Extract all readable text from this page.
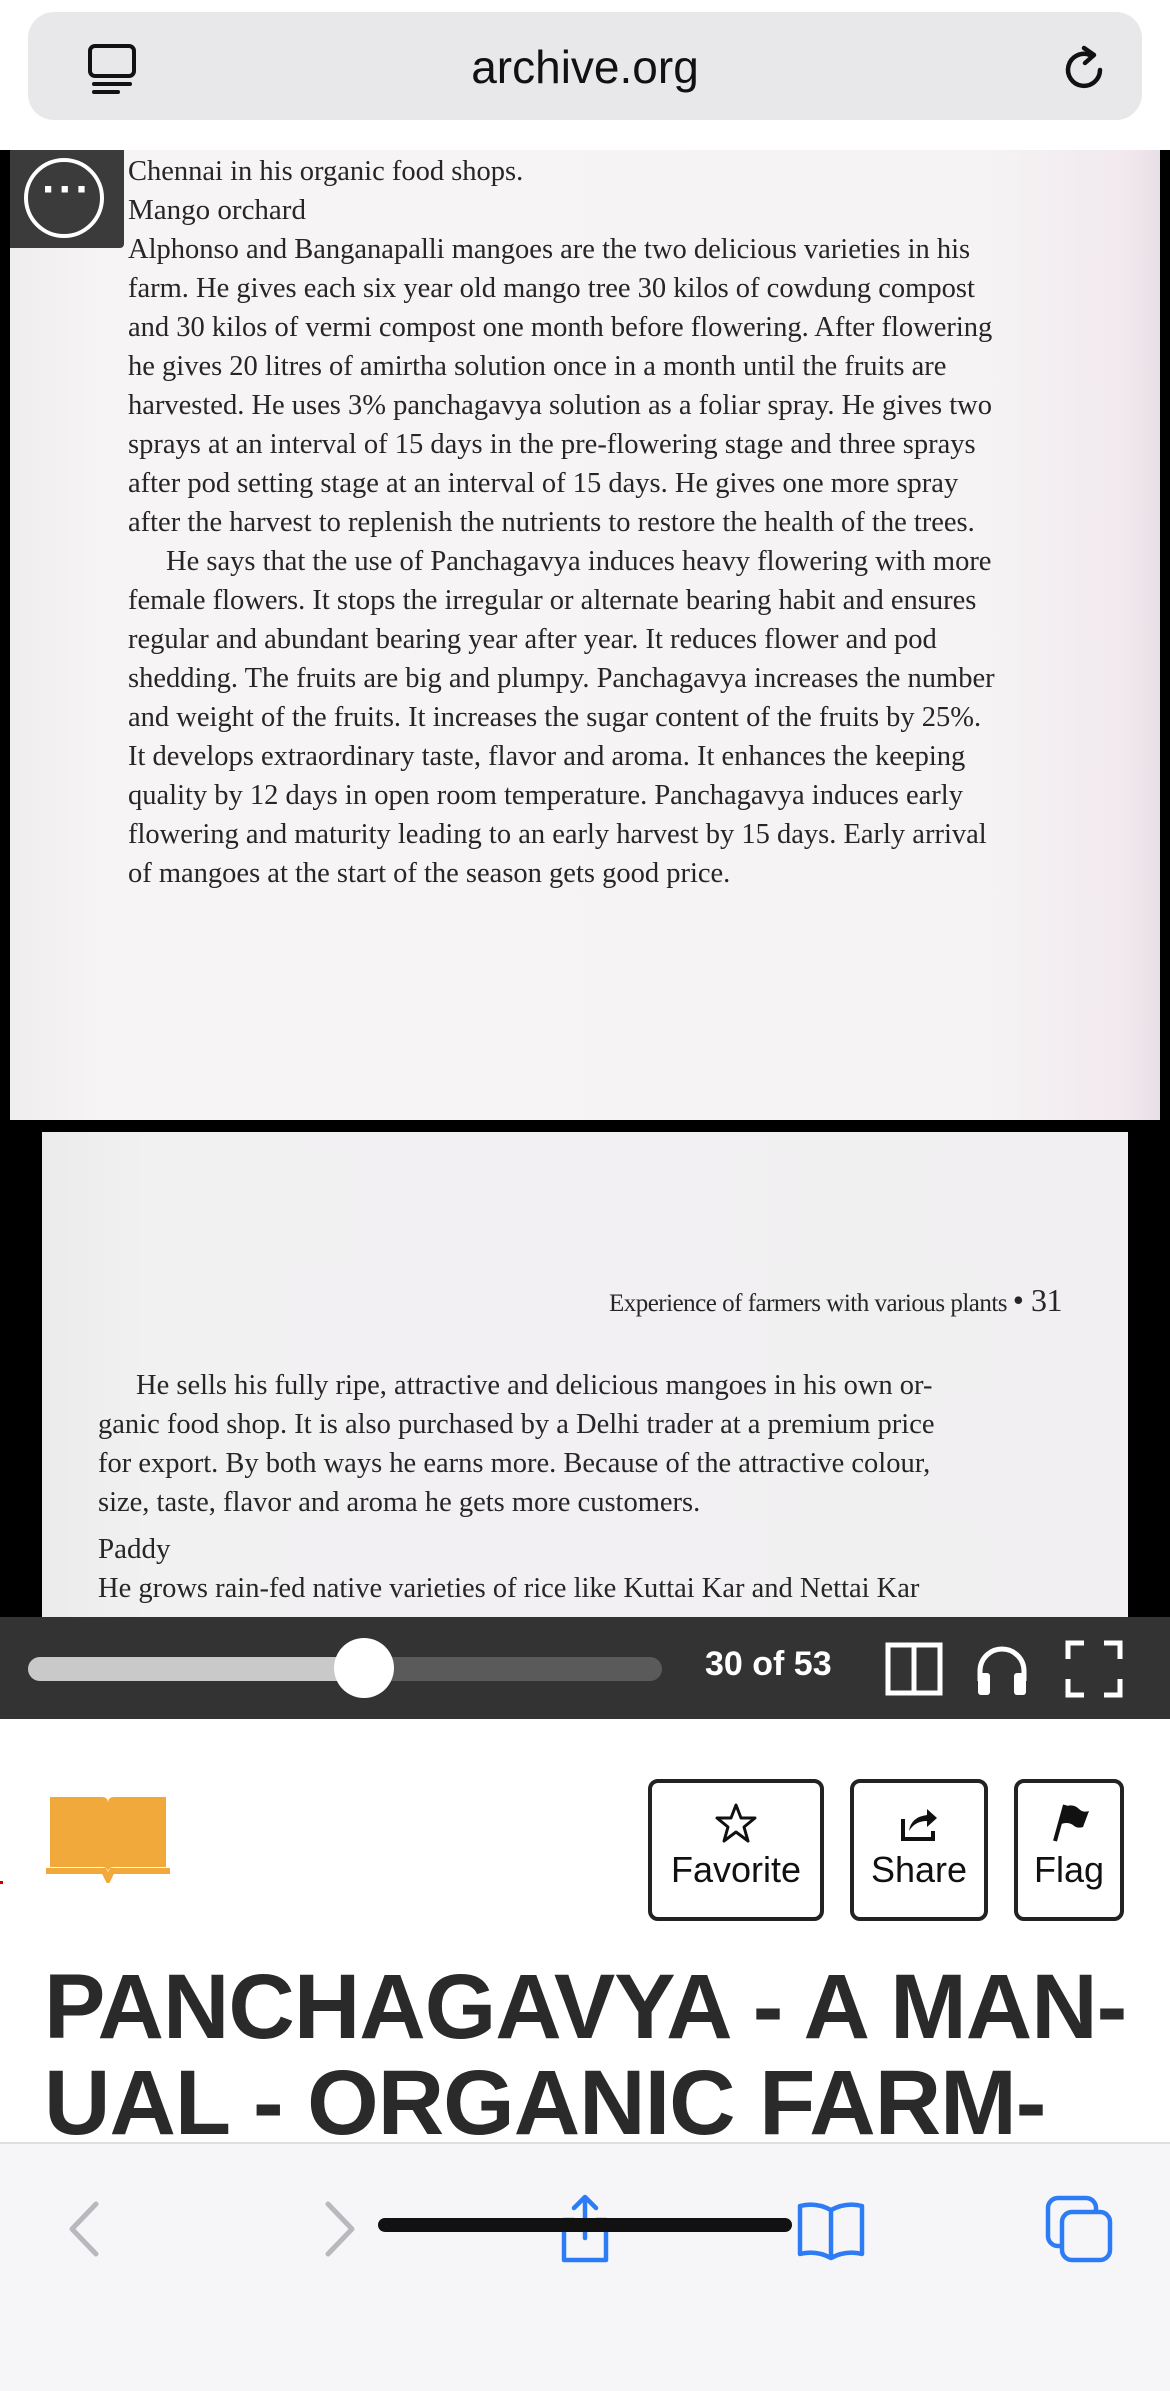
archive.org

Chennai in his organic food shops.

Mango orchard

Alphonso and Banganapalli mangoes are the two delicious varieties in his

farm. He gives each six year old mango tree 30 kilos of cowdung compost

and 30 kilos of vermi compost one month before flowering. After flowering

he gives 20 litres of amirtha solution once in a month until the fruits are

harvested. He uses 3% panchagavya solution as a foliar spray. He gives two

sprays at an interval of 15 days in the pre-flowering stage and three sprays

after pod setting stage at an interval of 15 days. He gives one more spray

after the harvest to replenish the nutrients to restore the health of the trees.

He says that the use of Panchagavya induces heavy flowering with more

female flowers. It stops the irregular or alternate bearing habit and ensures

regular and abundant bearing year after year. It reduces flower and pod

shedding. The fruits are big and plumpy. Panchagavya increases the number

and weight of the fruits. It increases the sugar content of the fruits by 25%.

It develops extraordinary taste, flavor and aroma. It enhances the keeping

quality by 12 days in open room temperature. Panchagavya induces early

flowering and maturity leading to an early harvest by 15 days. Early arrival

of mangoes at the start of the season gets good price.

Experience of farmers with various plants • 31

He sells his fully ripe, attractive and delicious mangoes in his own or-

ganic food shop. It is also purchased by a Delhi trader at a premium price

for export. By both ways he earns more. Because of the attractive colour,

size, taste, flavor and aroma he gets more customers.

Paddy

He grows rain-fed native varieties of rice like Kuttai Kar and Nettai Kar

···
30 of 53
Favorite	Share	Flag
PANCHAGAVYA - A MAN-
UAL - ORGANIC FARM-
